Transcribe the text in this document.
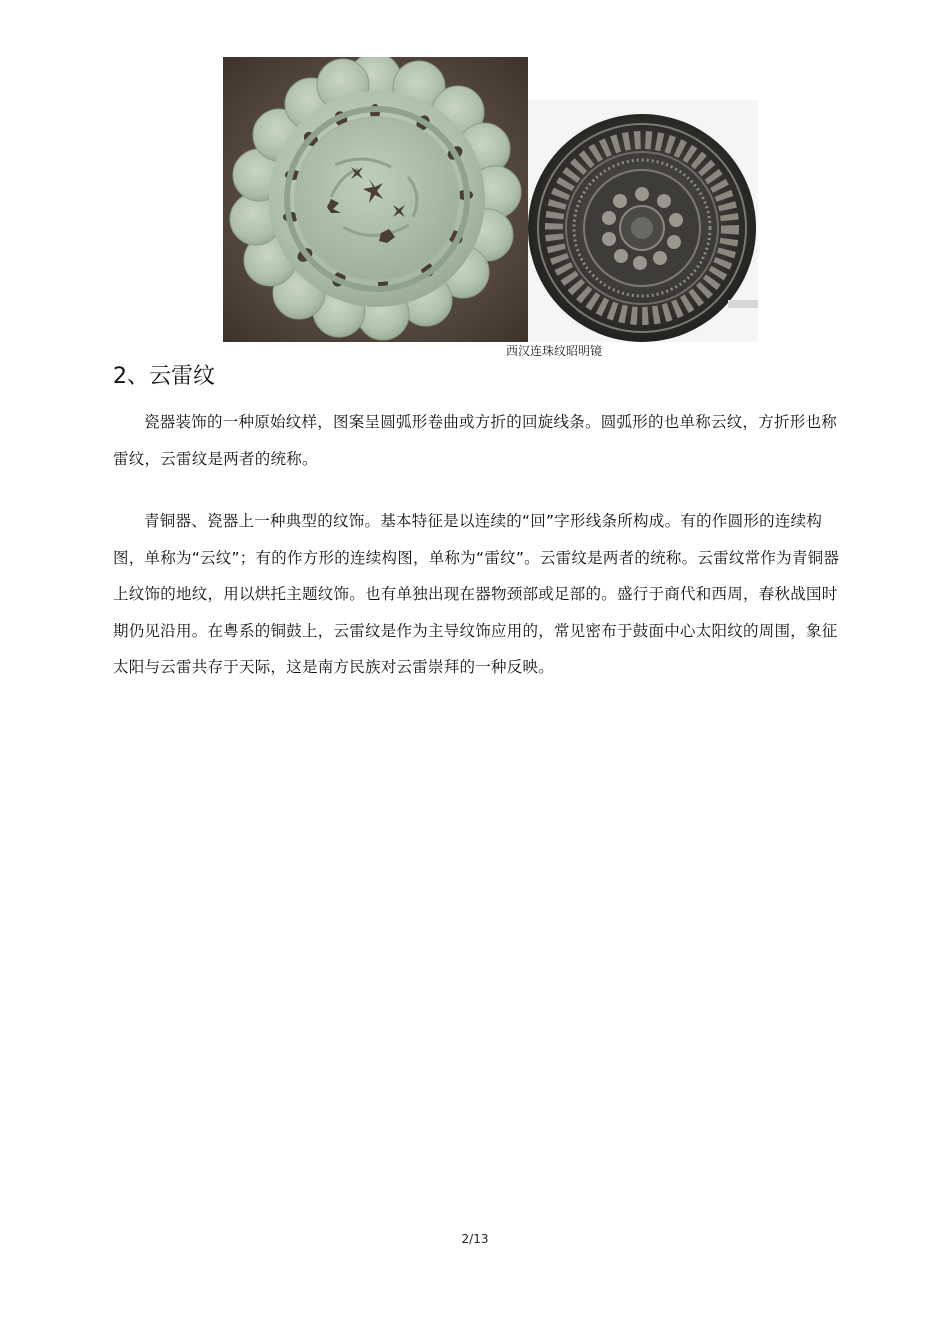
西汉连珠纹昭明镜
2、云雷纹

瓷器装饰的一种原始纹样，图案呈圆弧形卷曲或方折的回旋线条。圆弧形的也单称云纹，方折形也称雷纹，云雷纹是两者的统称。

青铜器、瓷器上一种典型的纹饰。基本特征是以连续的“回”字形线条所构成。有的作圆形的连续构图，单称为“云纹”；有的作方形的连续构图，单称为“雷纹”。云雷纹是两者的统称。云雷纹常作为青铜器上纹饰的地纹，用以烘托主题纹饰。也有单独出现在器物颈部或足部的。盛行于商代和西周，春秋战国时期仍见沿用。在粤系的铜鼓上，云雷纹是作为主导纹饰应用的，常见密布于鼓面中心太阳纹的周围，象征太阳与云雷共存于天际，这是南方民族对云雷崇拜的一种反映。

2/13
